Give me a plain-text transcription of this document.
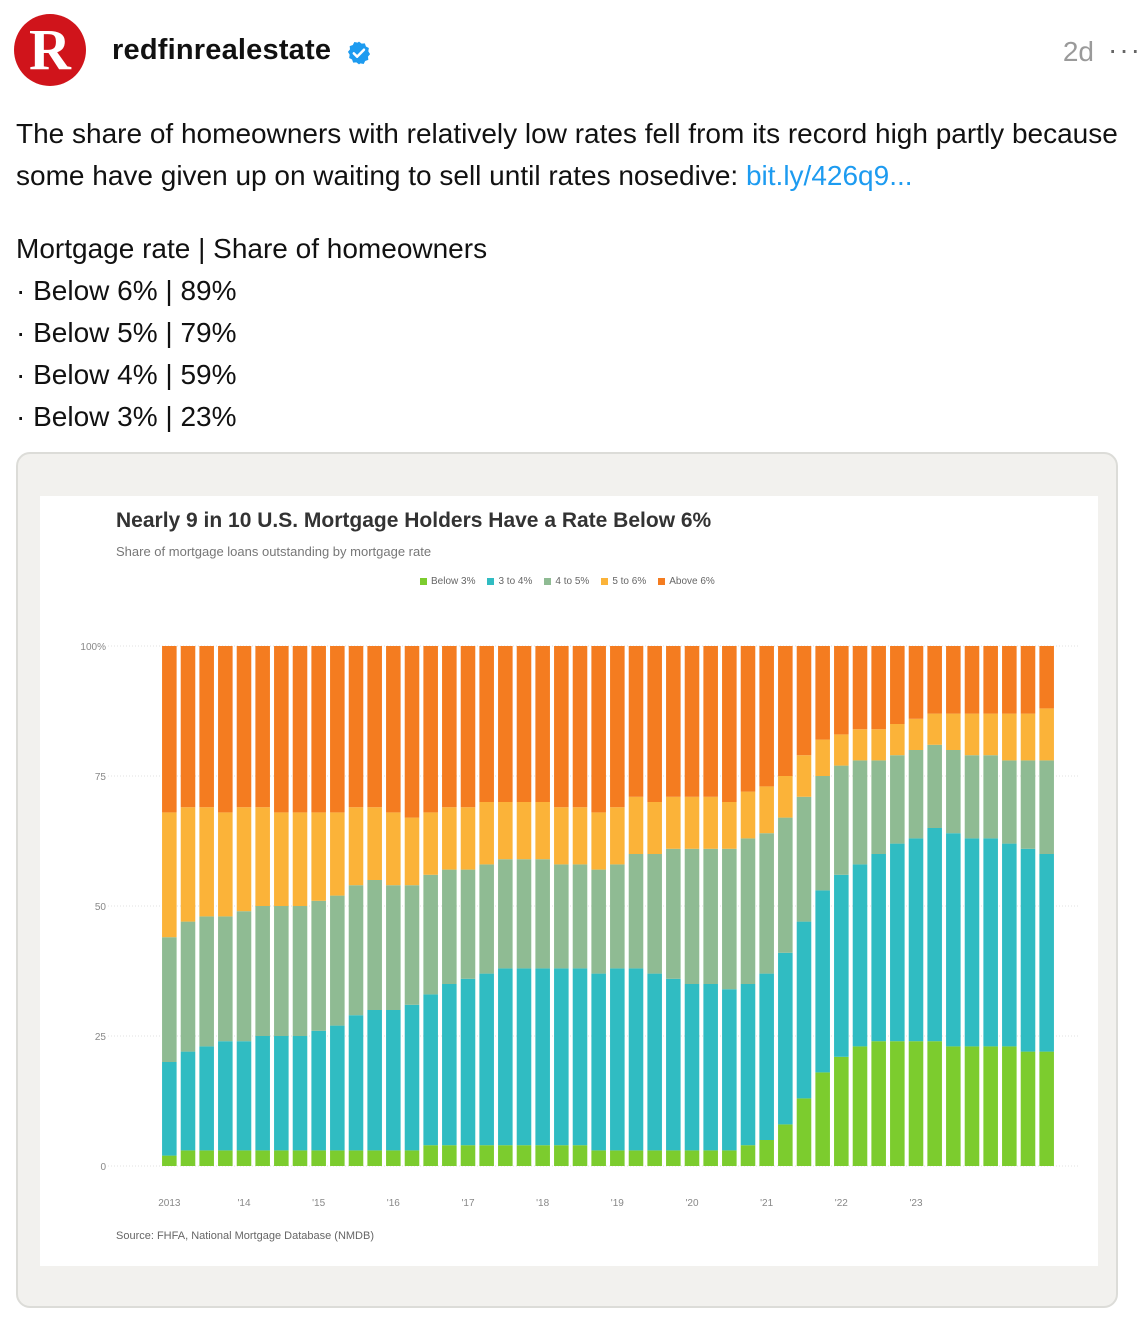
R redfinrealestate	2d ···
The share of homeowners with relatively low rates fell from its record high partly because some have given up on waiting to sell until rates nosedive: bit.ly/426q9...
Mortgage rate | Share of homeowners
· Below 6% | 89%
· Below 5% | 79%
· Below 4% | 59%
· Below 3% | 23%
Nearly 9 in 10 U.S. Mortgage Holders Have a Rate Below 6%
Share of mortgage loans outstanding by mortgage rate
Below 3% 3 to 4% 4 to 5% 5 to 6% Above 6%
0
25
50
75
100%
2013	'14	'15	'16	'17	'18	'19	'20	'21	'22	'23
Source: FHFA, National Mortgage Database (NMDB)
